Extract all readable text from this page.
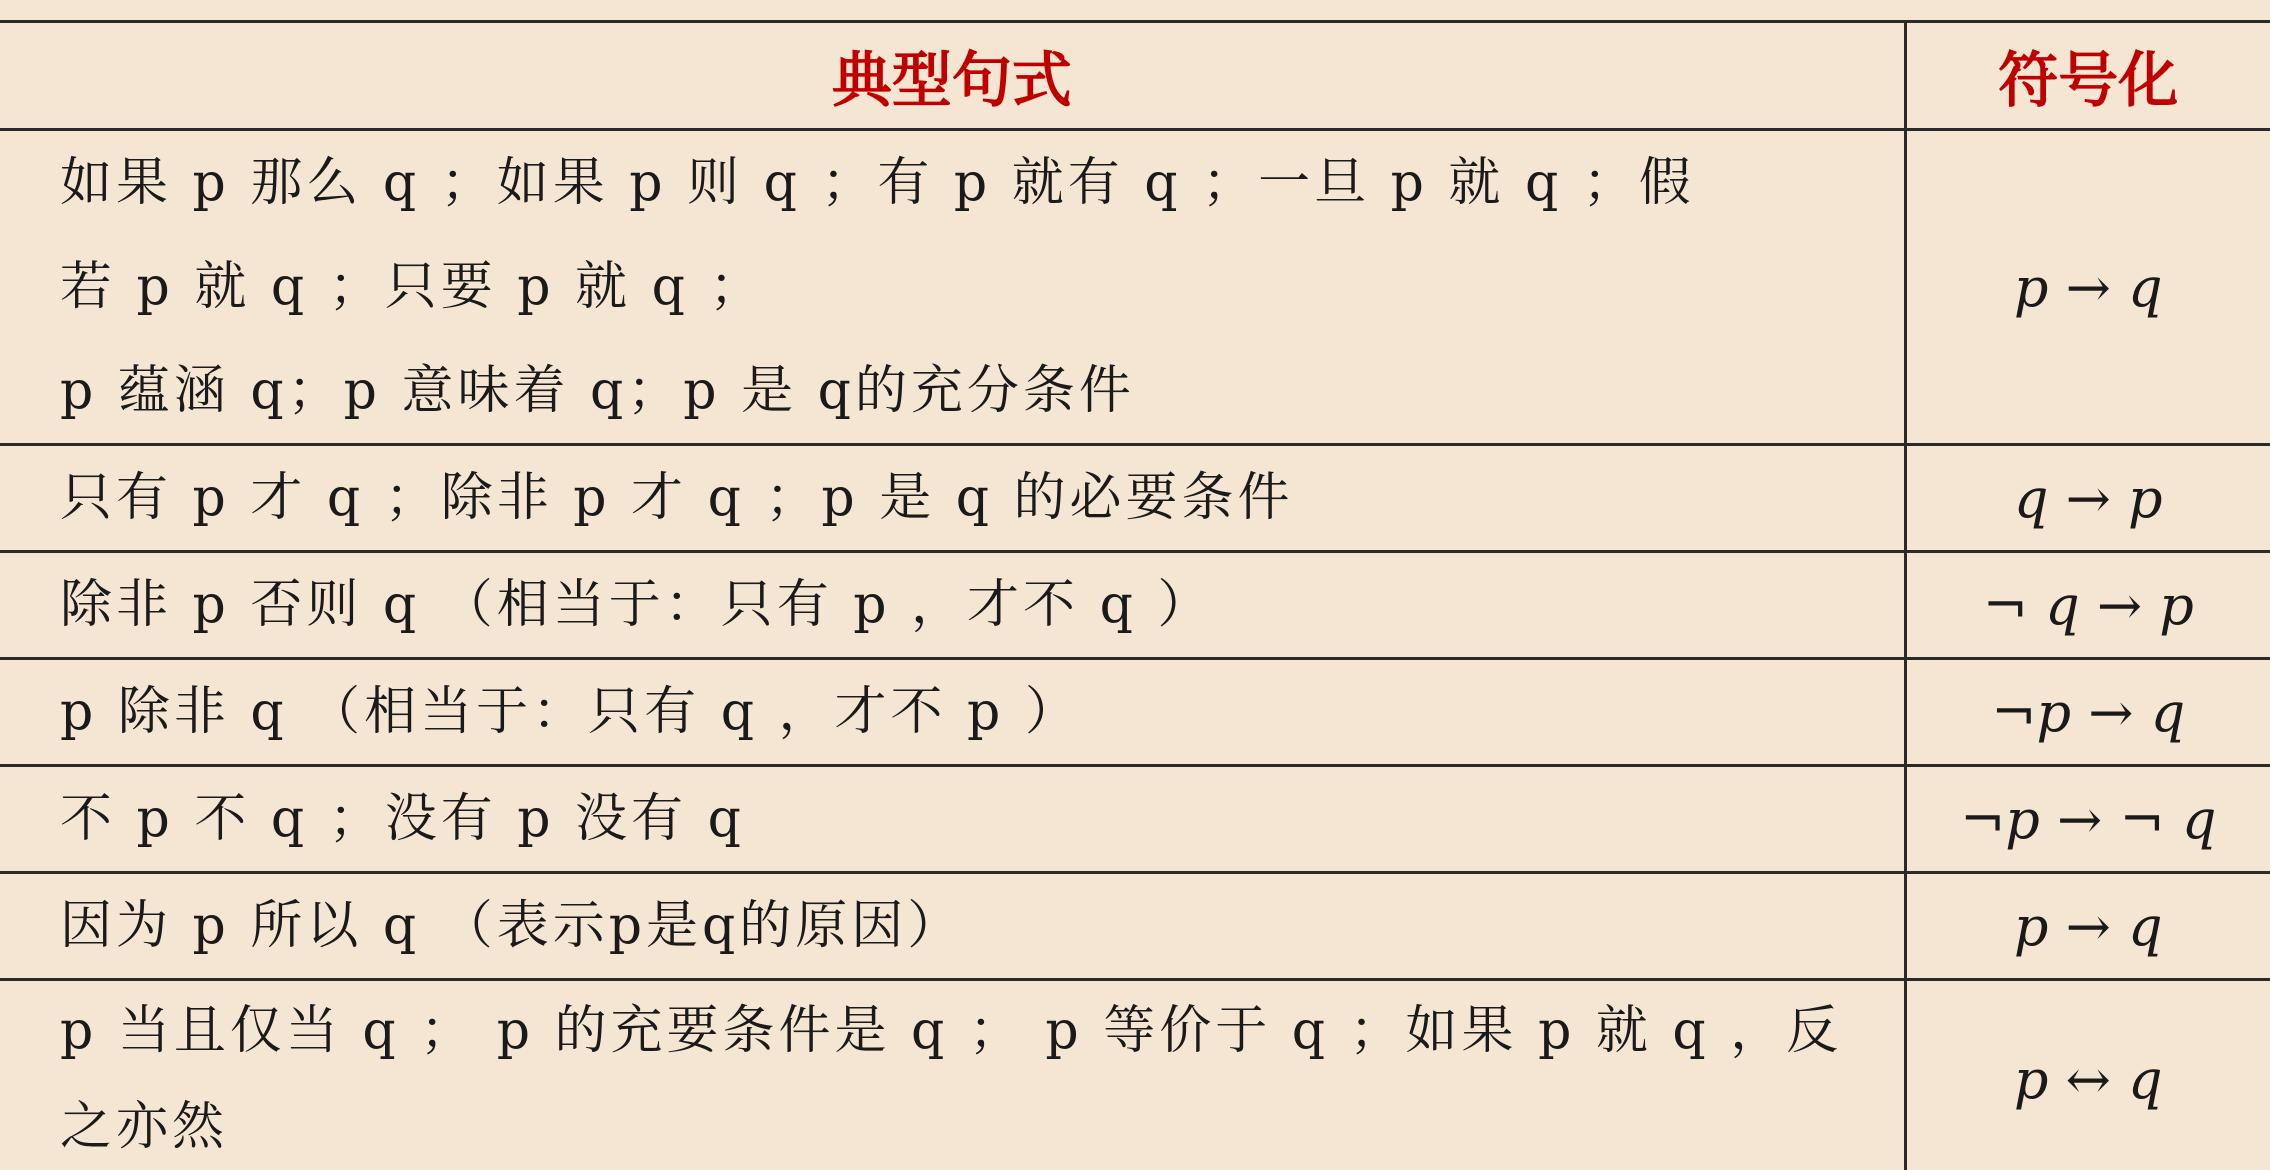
典型句式	符号化

如果 p 那么 q ；如果 p 则 q ；有 p 就有 q ；一旦 p 就 q ；假
若 p 就 q ；只要 p 就 q ；
p 蕴涵 q；p 意味着 q；p 是 q的充分条件	p → q

只有 p 才 q ；除非 p 才 q ；p 是 q 的必要条件	q → p

除非 p 否则 q （相当于：只有 p ，才不 q ）	¬ q → p

p 除非 q （相当于：只有 q ，才不 p ）	¬p → q

不 p 不 q ；没有 p 没有 q	¬p → ¬ q

因为 p 所以 q （表示p是q的原因）	p → q

p 当且仅当 q ； p 的充要条件是 q ； p 等价于 q ；如果 p 就 q ，反
之亦然	p ↔ q
